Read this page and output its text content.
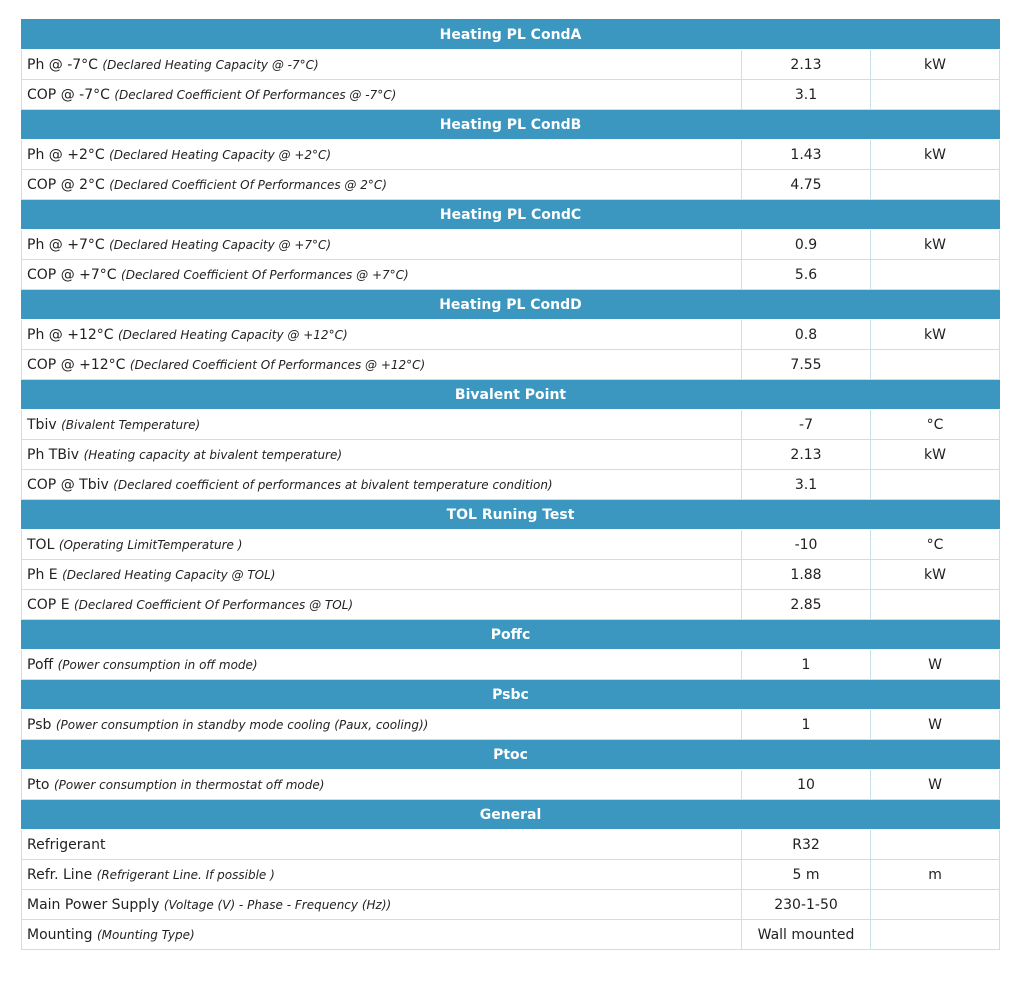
Heating PL CondA		
Ph @ -7°C (Declared Heating Capacity @ -7°C)	2.13	kW
COP @ -7°C (Declared Coefficient Of Performances @ -7°C)	3.1	
Heating PL CondB		
Ph @ +2°C (Declared Heating Capacity @ +2°C)	1.43	kW
COP @ 2°C (Declared Coefficient Of Performances @ 2°C)	4.75	
Heating PL CondC		
Ph @ +7°C (Declared Heating Capacity @ +7°C)	0.9	kW
COP @ +7°C (Declared Coefficient Of Performances @ +7°C)	5.6	
Heating PL CondD		
Ph @ +12°C (Declared Heating Capacity @ +12°C)	0.8	kW
COP @ +12°C (Declared Coefficient Of Performances @ +12°C)	7.55	
Bivalent Point		
Tbiv (Bivalent Temperature)	-7	°C
Ph TBiv (Heating capacity at bivalent temperature)	2.13	kW
COP @ Tbiv (Declared coefficient of performances at bivalent temperature condition)	3.1	
TOL Runing Test		
TOL (Operating LimitTemperature )	-10	°C
Ph E (Declared Heating Capacity @ TOL)	1.88	kW
COP E (Declared Coefficient Of Performances @ TOL)	2.85	
Poffc		
Poff (Power consumption in off mode)	1	W
Psbc		
Psb (Power consumption in standby mode cooling (Paux, cooling))	1	W
Ptoc		
Pto (Power consumption in thermostat off mode)	10	W
General		
Refrigerant	R32	
Refr. Line (Refrigerant Line. If possible )	5 m	m
Main Power Supply (Voltage (V) - Phase - Frequency (Hz))	230-1-50	
Mounting (Mounting Type)	Wall mounted	
